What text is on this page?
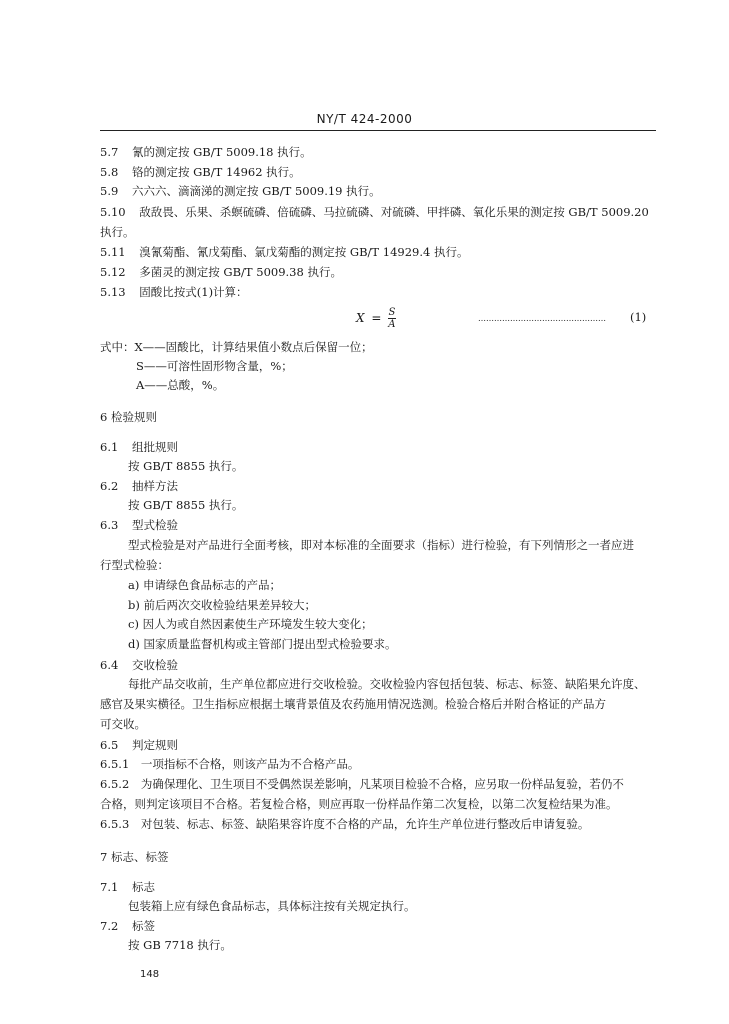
NY/T 424-2000
5.7 氰的测定按 GB/T 5009.18 执行。
5.8 铬的测定按 GB/T 14962 执行。
5.9 六六六、滴滴涕的测定按 GB/T 5009.19 执行。
5.10 敌敌畏、乐果、杀螟硫磷、倍硫磷、马拉硫磷、对硫磷、甲拌磷、氧化乐果的测定按 GB/T 5009.20
执行。
5.11 溴氰菊酯、氰戊菊酯、氯戊菊酯的测定按 GB/T 14929.4 执行。
5.12 多菌灵的测定按 GB/T 5009.38 执行。
5.13 固酸比按式(1)计算：
$X = \frac{S}{A}$	………………………………………… (1)
式中：X——固酸比，计算结果值小数点后保留一位；
S——可溶性固形物含量，%；
A——总酸，%。
6 检验规则
6.1 组批规则
按 GB/T 8855 执行。
6.2 抽样方法
按 GB/T 8855 执行。
6.3 型式检验
型式检验是对产品进行全面考核，即对本标准的全面要求（指标）进行检验，有下列情形之一者应进
行型式检验：
a) 申请绿色食品标志的产品；
b) 前后两次交收检验结果差异较大；
c) 因人为或自然因素使生产环境发生较大变化；
d) 国家质量监督机构或主管部门提出型式检验要求。
6.4 交收检验
每批产品交收前，生产单位都应进行交收检验。交收检验内容包括包装、标志、标签、缺陷果允许度、
感官及果实横径。卫生指标应根据土壤背景值及农药施用情况选测。检验合格后并附合格证的产品方
可交收。
6.5 判定规则
6.5.1 一项指标不合格，则该产品为不合格产品。
6.5.2 为确保理化、卫生项目不受偶然误差影响，凡某项目检验不合格，应另取一份样品复验，若仍不
合格，则判定该项目不合格。若复检合格，则应再取一份样品作第二次复检，以第二次复检结果为准。
6.5.3 对包装、标志、标签、缺陷果容许度不合格的产品，允许生产单位进行整改后申请复验。
7 标志、标签
7.1 标志
包装箱上应有绿色食品标志，具体标注按有关规定执行。
7.2 标签
按 GB 7718 执行。
148
